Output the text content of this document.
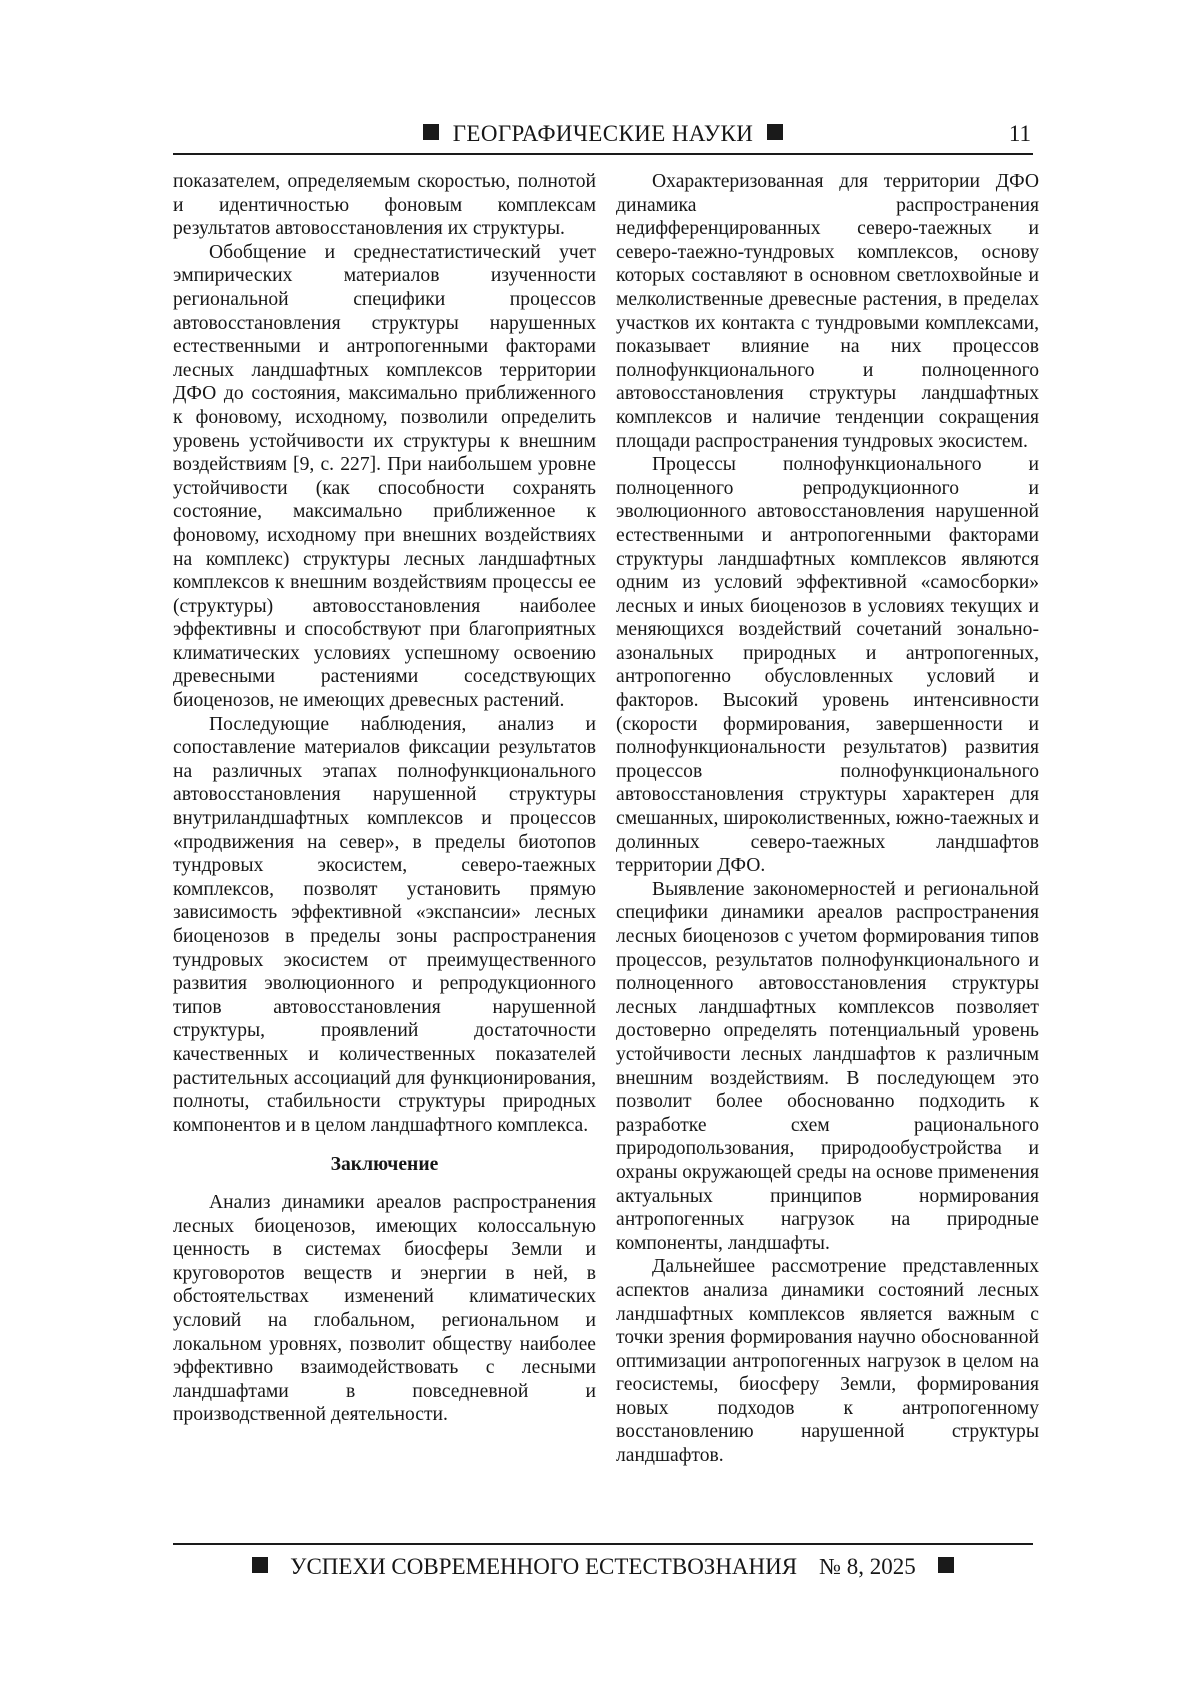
ГЕОГРАФИЧЕСКИЕ НАУКИ	11

показателем, определяемым скоростью, полнотой и идентичностью фоновым комплексам результатов автовосстановления их структуры.

Обобщение и среднестатистический учет эмпирических материалов изученности региональной специфики процессов автовосстановления структуры нарушенных естественными и антропогенными факторами лесных ландшафтных комплексов территории ДФО до состояния, максимально приближенного к фоновому, исходному, позволили определить уровень устойчивости их структуры к внешним воздействиям [9, с. 227]. При наибольшем уровне устойчивости (как способности сохранять состояние, максимально приближенное к фоновому, исходному при внешних воздействиях на комплекс) структуры лесных ландшафтных комплексов к внешним воздействиям процессы ее (структуры) автовосстановления наиболее эффективны и способствуют при благоприятных климатических условиях успешному освоению древесными растениями соседствующих биоценозов, не имеющих древесных растений.

Последующие наблюдения, анализ и сопоставление материалов фиксации результатов на различных этапах полнофункционального автовосстановления нарушенной структуры внутриландшафтных комплексов и процессов «продвижения на север», в пределы биотопов тундровых экосистем, северо-таежных комплексов, позволят установить прямую зависимость эффективной «экспансии» лесных биоценозов в пределы зоны распространения тундровых экосистем от преимущественного развития эволюционного и репродукционного типов автовосстановления нарушенной структуры, проявлений достаточности качественных и количественных показателей растительных ассоциаций для функционирования, полноты, стабильности структуры природных компонентов и в целом ландшафтного комплекса.

Заключение

Анализ динамики ареалов распространения лесных биоценозов, имеющих колоссальную ценность в системах биосферы Земли и круговоротов веществ и энергии в ней, в обстоятельствах изменений климатических условий на глобальном, региональном и локальном уровнях, позволит обществу наиболее эффективно взаимодействовать с лесными ландшафтами в повседневной и производственной деятельности.

Охарактеризованная для территории ДФО динамика распространения недифференцированных северо-таежных и северо-таежно-тундровых комплексов, основу которых составляют в основном светлохвойные и мелколиственные древесные растения, в пределах участков их контакта с тундровыми комплексами, показывает влияние на них процессов полнофункционального и полноценного автовосстановления структуры ландшафтных комплексов и наличие тенденции сокращения площади распространения тундровых экосистем.

Процессы полнофункционального и полноценного репродукционного и эволюционного автовосстановления нарушенной естественными и антропогенными факторами структуры ландшафтных комплексов являются одним из условий эффективной «самосборки» лесных и иных биоценозов в условиях текущих и меняющихся воздействий сочетаний зонально-азональных природных и антропогенных, антропогенно обусловленных условий и факторов. Высокий уровень интенсивности (скорости формирования, завершенности и полнофункциональности результатов) развития процессов полнофункционального автовосстановления структуры характерен для смешанных, широколиственных, южно-таежных и долинных северо-таежных ландшафтов территории ДФО.

Выявление закономерностей и региональной специфики динамики ареалов распространения лесных биоценозов с учетом формирования типов процессов, результатов полнофункционального и полноценного автовосстановления структуры лесных ландшафтных комплексов позволяет достоверно определять потенциальный уровень устойчивости лесных ландшафтов к различным внешним воздействиям. В последующем это позволит более обоснованно подходить к разработке схем рационального природопользования, природообустройства и охраны окружающей среды на основе применения актуальных принципов нормирования антропогенных нагрузок на природные компоненты, ландшафты.

Дальнейшее рассмотрение представленных аспектов анализа динамики состояний лесных ландшафтных комплексов является важным с точки зрения формирования научно обоснованной оптимизации антропогенных нагрузок в целом на геосистемы, биосферу Земли, формирования новых подходов к антропогенному восстановлению нарушенной структуры ландшафтов.

УСПЕХИ СОВРЕМЕННОГО ЕСТЕСТВОЗНАНИЯ № 8, 2025
